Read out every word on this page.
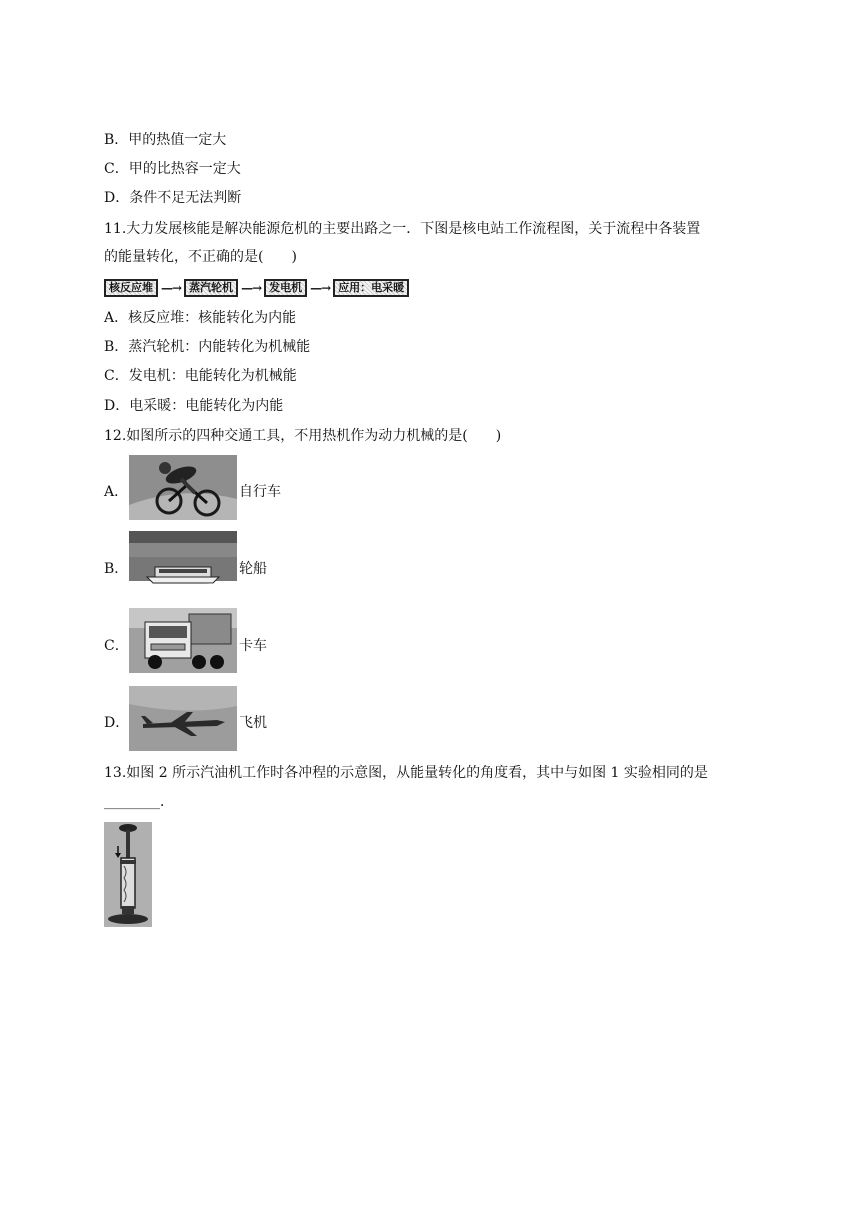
B．甲的热值一定大
C．甲的比热容一定大
D．条件不足无法判断
11.大力发展核能是解决能源危机的主要出路之一．下图是核电站工作流程图，关于流程中各装置
的能量转化，不正确的是(　　)
核反应堆 —→ 蒸汽轮机 —→ 发电机 —→ 应用：电采暖
A．核反应堆：核能转化为内能
B．蒸汽轮机：内能转化为机械能
C．发电机：电能转化为机械能
D．电采暖：电能转化为内能
12.如图所示的四种交通工具，不用热机作为动力机械的是(　　)
A．	自行车
B．	轮船
C．	卡车
D．	飞机
13.如图 2 所示汽油机工作时各冲程的示意图，从能量转化的角度看，其中与如图 1 实验相同的是
________．
